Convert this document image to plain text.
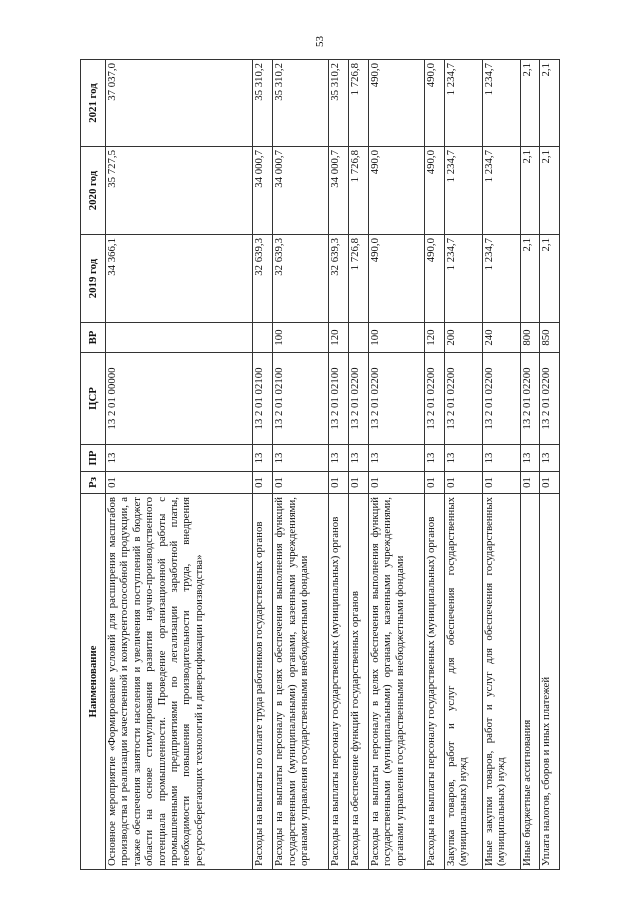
53
Наименование	Рз	ПР	ЦСР	ВР	2019 год	2020 год	2021 год
Основное мероприятие «Формирование условий для расширения масштабов производства и реализации качественной и конкурентоспособной продукции, а также обеспечения занятости населения и увеличения поступлений в бюджет области на основе стимулирования развития научно-производственного потенциала промышленности. Проведение организационной работы с промышленными предприятиями по легализации заработной платы, необходимости повышения производительности труда, внедрения ресурсосберегающих технологий и диверсификации производства»	01	13	13 2 01 00000		34 366,1	35 727,5	37 037,0
Расходы на выплаты по оплате труда работников государственных органов	01	13	13 2 01 02100		32 639,3	34 000,7	35 310,2
Расходы на выплаты персоналу в целях обеспечения выполнения функций государственными (муниципальными) органами, казенными учреждениями, органами управления государственными внебюджетными фондами	01	13	13 2 01 02100	100	32 639,3	34 000,7	35 310,2
Расходы на выплаты персоналу государственных (муниципальных) органов	01	13	13 2 01 02100	120	32 639,3	34 000,7	35 310,2
Расходы на обеспечение функций государственных органов	01	13	13 2 01 02200		1 726,8	1 726,8	1 726,8
Расходы на выплаты персоналу в целях обеспечения выполнения функций государственными (муниципальными) органами, казенными учреждениями, органами управления государственными внебюджетными фондами	01	13	13 2 01 02200	100	490,0	490,0	490,0
Расходы на выплаты персоналу государственных (муниципальных) органов	01	13	13 2 01 02200	120	490,0	490,0	490,0
Закупка товаров, работ и услуг для обеспечения государственных (муниципальных) нужд	01	13	13 2 01 02200	200	1 234,7	1 234,7	1 234,7
Иные закупки товаров, работ и услуг для обеспечения государственных (муниципальных) нужд	01	13	13 2 01 02200	240	1 234,7	1 234,7	1 234,7
Иные бюджетные ассигнования	01	13	13 2 01 02200	800	2,1	2,1	2,1
Уплата налогов, сборов и иных платежей	01	13	13 2 01 02200	850	2,1	2,1	2,1
